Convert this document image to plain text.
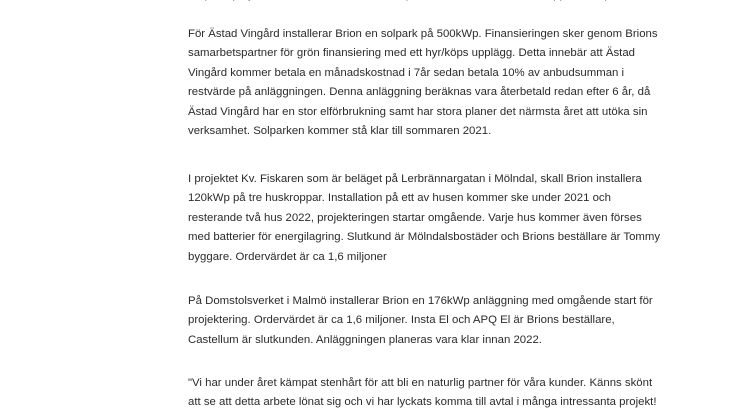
För Ästad Vingård installerar Brion en solpark på 500kWp. Finansieringen sker genom Brions
samarbetspartner för grön finansiering med ett hyr/köps upplägg. Detta innebär att Ästad
Vingård kommer betala en månadskostnad i 7år sedan betala 10% av anbudsumman i
restvärde på anläggningen. Denna anläggning beräknas vara återbetald redan efter 6 år, då
Ästad Vingård har en stor elförbrukning samt har stora planer det närmsta året att utöka sin
verksamhet. Solparken kommer stå klar till sommaren 2021.
I projektet Kv. Fiskaren som är beläget på Lerbrännargatan i Mölndal, skall Brion installera
120kWp på tre huskroppar. Installation på ett av husen kommer ske under 2021 och
resterande två hus 2022, projekteringen startar omgående. Varje hus kommer även förses
med batterier för energilagring. Slutkund är Mölndalsbostäder och Brions beställare är Tommy
byggare. Ordervärdet är ca 1,6 miljoner
På Domstolsverket i Malmö installerar Brion en 176kWp anläggning med omgående start för
projektering. Ordervärdet är ca 1,6 miljoner. Insta El och APQ El är Brions beställare,
Castellum är slutkunden. Anläggningen planeras vara klar innan 2022.
"Vi har under året kämpat stenhårt för att bli en naturlig partner för våra kunder. Känns skönt
att se att detta arbete lönat sig och vi har lyckats komma till avtal i många intressanta projekt!
